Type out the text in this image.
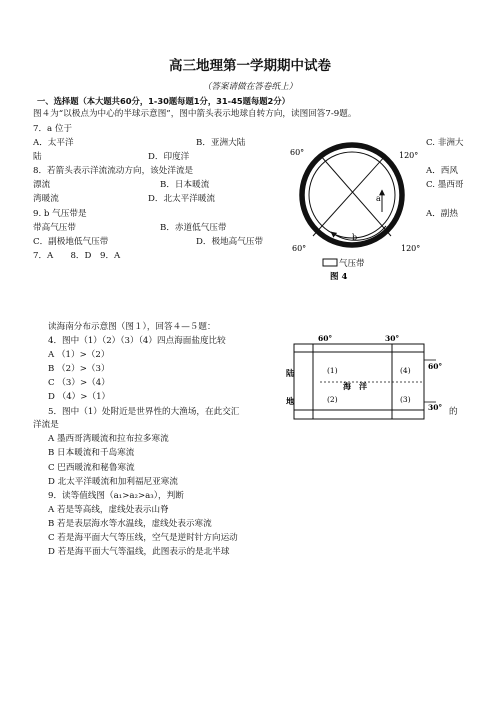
高三地理第一学期期中试卷
（答案请做在答卷纸上）
一、选择题（本大题共60分，1-30题每题1分，31-45题每题2分）
图４为“以极点为中心的半球示意图”，图中箭头表示地球自转方向，读图回答7-9题。
7．a 位于
A．太平洋	B．亚洲大陆	C. 非洲大
陆	D．印度洋
8．若箭头表示洋流流动方向，该处洋流是	A．西风
漂流	B．日本暖流	C. 墨西哥
湾暖流	D．北太平洋暖流
9. b 气压带是	A．副热
带高气压带	B．赤道低气压带
C．副极地低气压带	D．极地高气压带
7．A　　8．D　9．A
60°	120°
60°	120°
a
b
气压带
图 4
读海南分布示意图（图１），回答４—５题：
4．图中（1）（2）（3）（4）四点海面盐度比较
A （1）>（2）
B （2）>（3）
C （3）>（4）
D （4）>（1）
5．图中（1）处附近是世界性的大渔场，在此交汇	的
洋流是
A 墨西哥湾暖流和拉布拉多寒流
B 日本暖流和千岛寒流
C 巴西暖流和秘鲁寒流
D 北太平洋暖流和加利福尼亚寒流
9．读等值线图（a₁>a₂>a₃），判断
A 若是等高线，虚线处表示山脊
B 若是表层海水等水温线，虚线处表示寒流
C 若是海平面大气等压线，空气是逆时针方向运动
D 若是海平面大气等温线，此图表示的是北半球
60°	30°
60°
30°
陆
地
海　洋
(1)
(2)	(3)
(4)
